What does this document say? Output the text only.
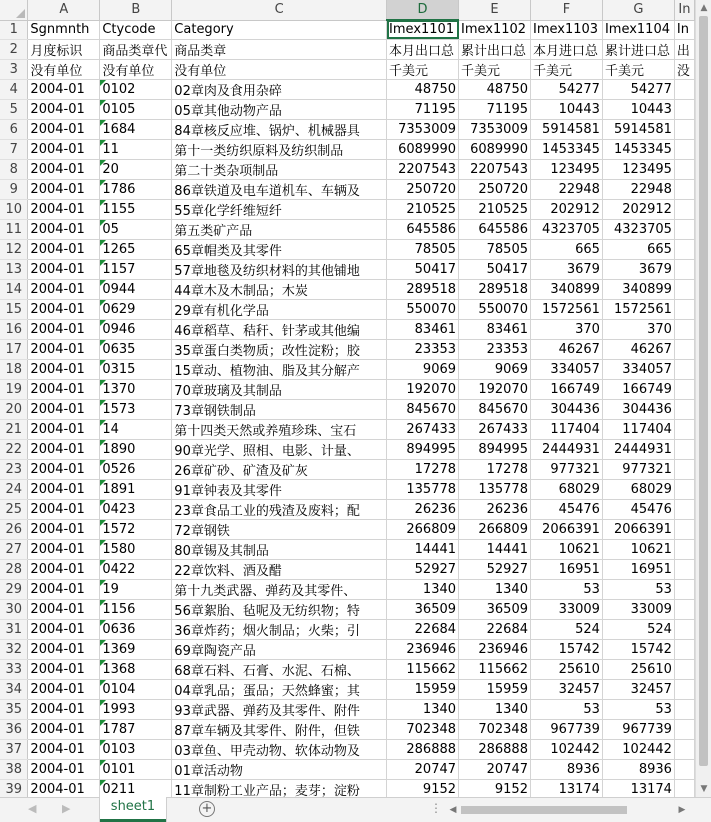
	A	B	C	D	E	F	G	In
1	Sgnmnth	Ctycode	Category	Imex1101	Imex1102	Imex1103	Imex1104	In
2	月度标识	商品类章代	商品类章	本月出口总	累计出口总	本月进口总	累计进口总	出
3	没有单位	没有单位	没有单位	千美元	千美元	千美元	千美元	没
4	2004-01	0102	02章肉及食用杂碎	48750	48750	54277	54277	
5	2004-01	0105	05章其他动物产品	71195	71195	10443	10443	
6	2004-01	1684	84章核反应堆、锅炉、机械器具	7353009	7353009	5914581	5914581	
7	2004-01	11	第十一类纺织原料及纺织制品	6089990	6089990	1453345	1453345	
8	2004-01	20	第二十类杂项制品	2207543	2207543	123495	123495	
9	2004-01	1786	86章铁道及电车道机车、车辆及	250720	250720	22948	22948	
10	2004-01	1155	55章化学纤维短纤	210525	210525	202912	202912	
11	2004-01	05	第五类矿产品	645586	645586	4323705	4323705	
12	2004-01	1265	65章帽类及其零件	78505	78505	665	665	
13	2004-01	1157	57章地毯及纺织材料的其他铺地	50417	50417	3679	3679	
14	2004-01	0944	44章木及木制品；木炭	289518	289518	340899	340899	
15	2004-01	0629	29章有机化学品	550070	550070	1572561	1572561	
16	2004-01	0946	46章稻草、秸秆、针茅或其他编	83461	83461	370	370	
17	2004-01	0635	35章蛋白类物质；改性淀粉；胶	23353	23353	46267	46267	
18	2004-01	0315	15章动、植物油、脂及其分解产	9069	9069	334057	334057	
19	2004-01	1370	70章玻璃及其制品	192070	192070	166749	166749	
20	2004-01	1573	73章钢铁制品	845670	845670	304436	304436	
21	2004-01	14	第十四类天然或养殖珍珠、宝石	267433	267433	117404	117404	
22	2004-01	1890	90章光学、照相、电影、计量、	894995	894995	2444931	2444931	
23	2004-01	0526	26章矿砂、矿渣及矿灰	17278	17278	977321	977321	
24	2004-01	1891	91章钟表及其零件	135778	135778	68029	68029	
25	2004-01	0423	23章食品工业的残渣及废料；配	26236	26236	45476	45476	
26	2004-01	1572	72章钢铁	266809	266809	2066391	2066391	
27	2004-01	1580	80章锡及其制品	14441	14441	10621	10621	
28	2004-01	0422	22章饮料、酒及醋	52927	52927	16951	16951	
29	2004-01	19	第十九类武器、弹药及其零件、	1340	1340	53	53	
30	2004-01	1156	56章絮胎、毡呢及无纺织物；特	36509	36509	33009	33009	
31	2004-01	0636	36章炸药；烟火制品；火柴；引	22684	22684	524	524	
32	2004-01	1369	69章陶瓷产品	236946	236946	15742	15742	
33	2004-01	1368	68章石料、石膏、水泥、石棉、	115662	115662	25610	25610	
34	2004-01	0104	04章乳品；蛋品；天然蜂蜜；其	15959	15959	32457	32457	
35	2004-01	1993	93章武器、弹药及其零件、附件	1340	1340	53	53	
36	2004-01	1787	87章车辆及其零件、附件，但铁	702348	702348	967739	967739	
37	2004-01	0103	03章鱼、甲壳动物、软体动物及	286888	286888	102442	102442	
38	2004-01	0101	01章活动物	20747	20747	8936	8936	
39	2004-01	0211	11章制粉工业产品；麦芽；淀粉	9152	9152	13174	13174	

▲
▼
◀ ▶	sheet1	+	⋮ ◀	▶
